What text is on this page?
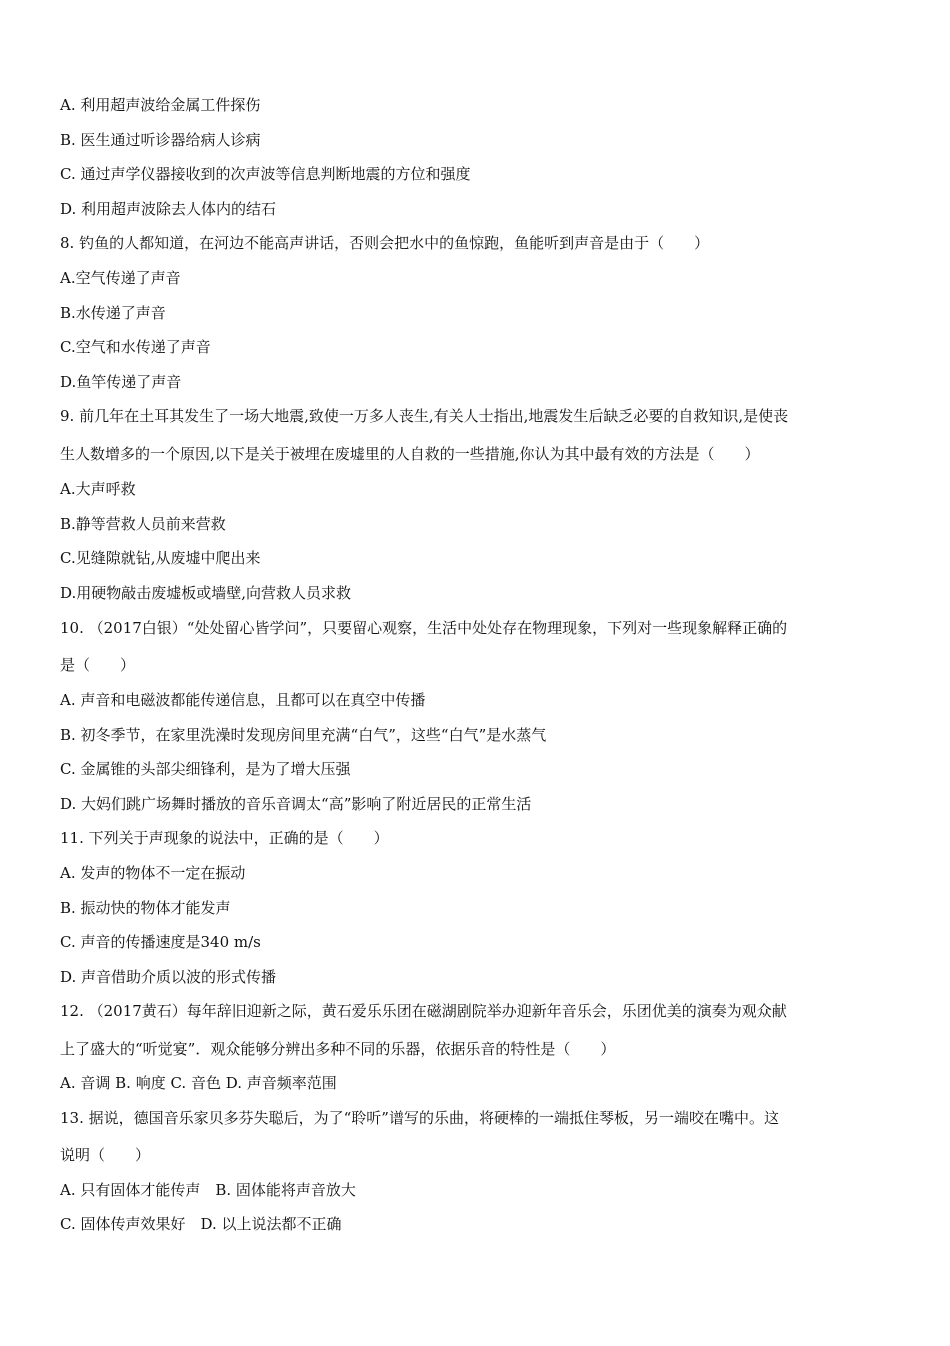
A. 利用超声波给金属工件探伤
B. 医生通过听诊器给病人诊病
C. 通过声学仪器接收到的次声波等信息判断地震的方位和强度
D. 利用超声波除去人体内的结石
8. 钓鱼的人都知道，在河边不能高声讲话，否则会把水中的鱼惊跑，鱼能听到声音是由于（　　）
A.空气传递了声音
B.水传递了声音
C.空气和水传递了声音
D.鱼竿传递了声音
9. 前几年在土耳其发生了一场大地震,致使一万多人丧生,有关人士指出,地震发生后缺乏必要的自救知识,是使丧
生人数增多的一个原因,以下是关于被埋在废墟里的人自救的一些措施,你认为其中最有效的方法是（　　）
A.大声呼救
B.静等营救人员前来营救
C.见缝隙就钻,从废墟中爬出来
D.用硬物敲击废墟板或墙壁,向营救人员求救
10. （2017白银）“处处留心皆学问”，只要留心观察，生活中处处存在物理现象，下列对一些现象解释正确的
是（　　）
A. 声音和电磁波都能传递信息，且都可以在真空中传播
B. 初冬季节，在家里洗澡时发现房间里充满“白气”，这些“白气”是水蒸气
C. 金属锥的头部尖细锋利，是为了增大压强
D. 大妈们跳广场舞时播放的音乐音调太“高”影响了附近居民的正常生活
11. 下列关于声现象的说法中，正确的是（　　）
A. 发声的物体不一定在振动
B. 振动快的物体才能发声
C. 声音的传播速度是340 m/s
D. 声音借助介质以波的形式传播
12. （2017黄石）每年辞旧迎新之际，黄石爱乐乐团在磁湖剧院举办迎新年音乐会，乐团优美的演奏为观众献
上了盛大的“听觉宴”．观众能够分辨出多种不同的乐器，依据乐音的特性是（　　）
A. 音调 B. 响度 C. 音色 D. 声音频率范围
13. 据说，德国音乐家贝多芬失聪后，为了“聆听”谱写的乐曲，将硬棒的一端抵住琴板，另一端咬在嘴中。这
说明（　　）
A. 只有固体才能传声　B. 固体能将声音放大
C. 固体传声效果好　D. 以上说法都不正确
